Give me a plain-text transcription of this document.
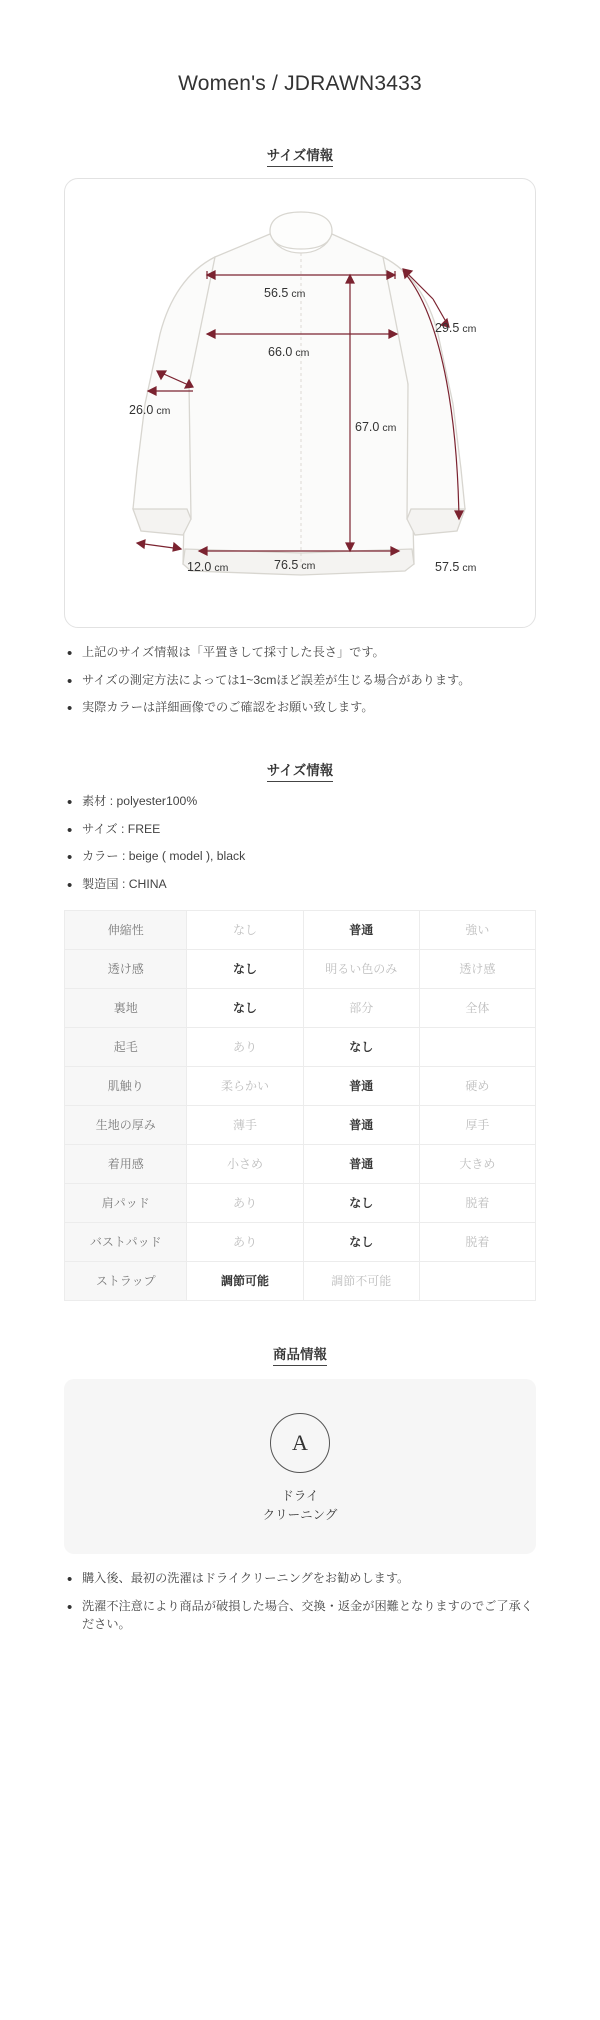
Women's / JDRAWN3433
サイズ情報
56.5 cm
29.5 cm
66.0 cm
26.0 cm
67.0 cm
76.5 cm
12.0 cm	57.5 cm
• 上記のサイズ情報は「平置きして採寸した長さ」です。
• サイズの測定方法によっては1~3cmほど誤差が生じる場合があります。
• 実際カラーは詳細画像でのご確認をお願い致します。
サイズ情報
• 素材 : polyester100%
• サイズ : FREE
• カラー : beige ( model ), black
• 製造国 : CHINA
伸縮性	なし	普通	強い
透け感	なし	明るい色のみ	透け感
裏地	なし	部分	全体
起毛	あり	なし	
肌触り	柔らかい	普通	硬め
生地の厚み	薄手	普通	厚手
着用感	小さめ	普通	大きめ
肩パッド	あり	なし	脱着
バストパッド	あり	なし	脱着
ストラップ	調節可能	調節不可能	
商品情報
A
ドライ
クリーニング
• 購入後、最初の洗濯はドライクリーニングをお勧めします。
• 洗濯不注意により商品が破損した場合、交換・返金が困難となりますのでご了承ください。
